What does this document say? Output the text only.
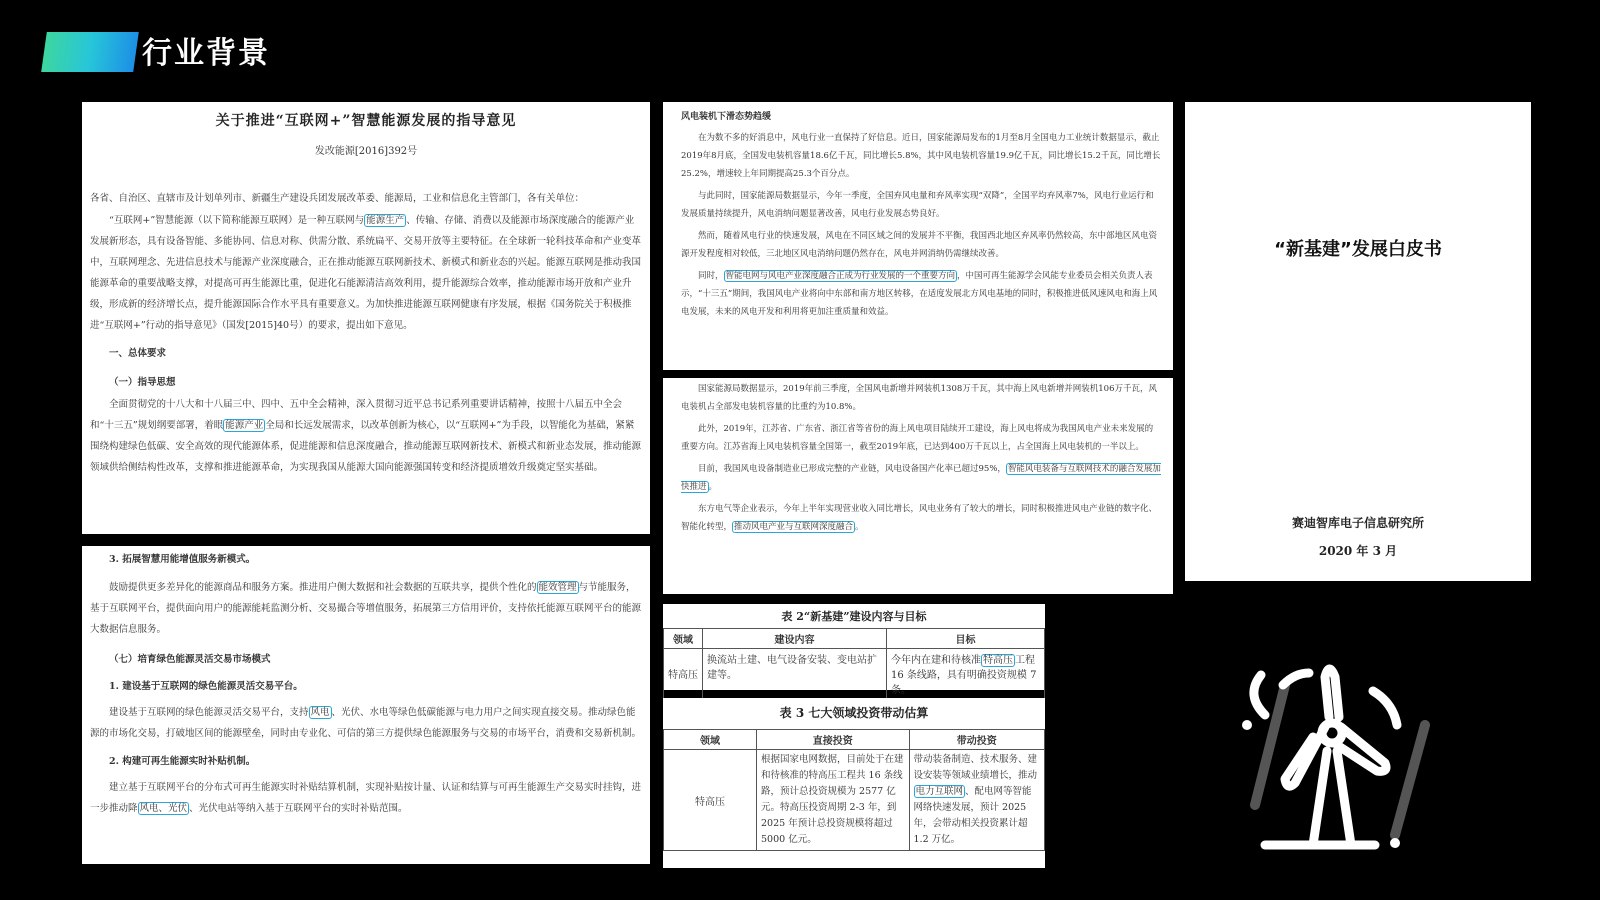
行业背景
关于推进“互联网+”智慧能源发展的指导意见
发改能源[2016]392号

各省、自治区、直辖市及计划单列市、新疆生产建设兵团发展改革委、能源局，工业和信息化主管部门，各有关单位：

“互联网+”智慧能源（以下简称能源互联网）是一种互联网与 能源生产 、传输、存储、消费以及能源市场深度融合的能源产业发展新形态，具有设备智能、多能协同、信息对称、供需分散、系统扁平、交易开放等主要特征。在全球新一轮科技革命和产业变革中，互联网理念、先进信息技术与能源产业深度融合，正在推动能源互联网新技术、新模式和新业态的兴起。能源互联网是推动我国能源革命的重要战略支撑，对提高可再生能源比重，促进化石能源清洁高效利用，提升能源综合效率，推动能源市场开放和产业升级，形成新的经济增长点，提升能源国际合作水平具有重要意义。为加快推进能源互联网健康有序发展，根据《国务院关于积极推进“互联网+”行动的指导意见》（国发[2015]40号）的要求，提出如下意见。

一、总体要求

（一）指导思想

全面贯彻党的十八大和十八届三中、四中、五中全会精神，深入贯彻习近平总书记系列重要讲话精神，按照十八届五中全会和“十三五”规划纲要部署，着眼 能源产业 全局和长远发展需求，以改革创新为核心，以“互联网+”为手段，以智能化为基础，紧紧围绕构建绿色低碳、安全高效的现代能源体系，促进能源和信息深度融合，推动能源互联网新技术、新模式和新业态发展，推动能源领域供给侧结构性改革，支撑和推进能源革命，为实现我国从能源大国向能源强国转变和经济提质增效升级奠定坚实基础。

3. 拓展智慧用能增值服务新模式。

鼓励提供更多差异化的能源商品和服务方案。推进用户侧大数据和社会数据的互联共享，提供个性化的 能效管理 与节能服务，基于互联网平台，提供面向用户的能源能耗监测分析、交易撮合等增值服务，拓展第三方信用评价，支持依托能源互联网平台的能源大数据信息服务。

（七）培育绿色能源灵活交易市场模式

1. 建设基于互联网的绿色能源灵活交易平台。

建设基于互联网的绿色能源灵活交易平台，支持 风电 、光伏、水电等绿色低碳能源与电力用户之间实现直接交易。推动绿色能源的市场化交易，打破地区间的能源壁垒，同时由专业化、可信的第三方提供绿色能源服务与交易的市场平台，消费和交易新机制。

2. 构建可再生能源实时补贴机制。

建立基于互联网平台的分布式可再生能源实时补贴结算机制，实现补贴按计量、认证和结算与可再生能源生产交易实时挂钩，进一步推动降 风电、光伏 、光伏电站等纳入基于互联网平台的实时补贴范围。

风电装机下滑态势趋缓

在为数不多的好消息中，风电行业一直保持了好信息。近日，国家能源局发布的1月至8月全国电力工业统计数据显示，截止2019年8月底，全国发电装机容量18.6亿千瓦，同比增长5.8%，其中风电装机容量19.9亿千瓦，同比增长15.2千瓦，同比增长25.2%，增速较上年同期提高25.3个百分点。

与此同时，国家能源局数据显示，今年一季度，全国弃风电量和弃风率实现“双降”，全国平均弃风率7%，风电行业运行和发展质量持续提升，风电消纳问题显著改善，风电行业发展态势良好。

然而，随着风电行业的快速发展，风电在不同区域之间的发展并不平衡，我国西北地区弃风率仍然较高，东中部地区风电资源开发程度相对较低，三北地区风电消纳问题仍然存在，风电并网消纳仍需继续改善。

同时， 智能电网与风电产业深度融合正成为行业发展的一个重要方向 ，中国可再生能源学会风能专业委员会相关负责人表示，“十三五”期间，我国风电产业将向中东部和南方地区转移，在适度发展北方风电基地的同时，积极推进低风速风电和海上风电发展，未来的风电开发和利用将更加注重质量和效益。

国家能源局数据显示，2019年前三季度，全国风电新增并网装机1308万千瓦，其中海上风电新增并网装机106万千瓦，风电装机占全部发电装机容量的比重约为10.8%。

此外，2019年，江苏省、广东省、浙江省等省份的海上风电项目陆续开工建设，海上风电将成为我国风电产业未来发展的重要方向。江苏省海上风电装机容量全国第一，截至2019年底，已达到400万千瓦以上，占全国海上风电装机的一半以上。

目前，我国风电设备制造业已形成完整的产业链，风电设备国产化率已超过95%， 智能风电装备与互联网技术的融合发展加快推进 。

东方电气等企业表示，今年上半年实现营业收入同比增长，风电业务有了较大的增长，同时积极推进风电产业链的数字化、智能化转型， 推动风电产业与互联网深度融合 。

表 2“新基建”建设内容与目标
领域	建设内容	目标
特高压	换流站土建、电气设备安装、变电站扩建等。	今年内在建和待核准 特高压 工程 16 条线路，具有明确投资规模 7 条。
表 3 七大领域投资带动估算
领域	直接投资	带动投资
特高压	根据国家电网数据，目前处于在建和待核准的特高压工程共 16 条线路，预计总投资规模为 2577 亿元。特高压投资周期 2-3 年，到 2025 年预计总投资规模将超过 5000 亿元。	带动装备制造、技术服务、建设安装等领域业绩增长，推动电力互联网 、配电网等智能网络快速发展，预计 2025 年，会带动相关投资累计超 1.2 万亿。
“新基建”发展白皮书
赛迪智库电子信息研究所
2020 年 3 月
